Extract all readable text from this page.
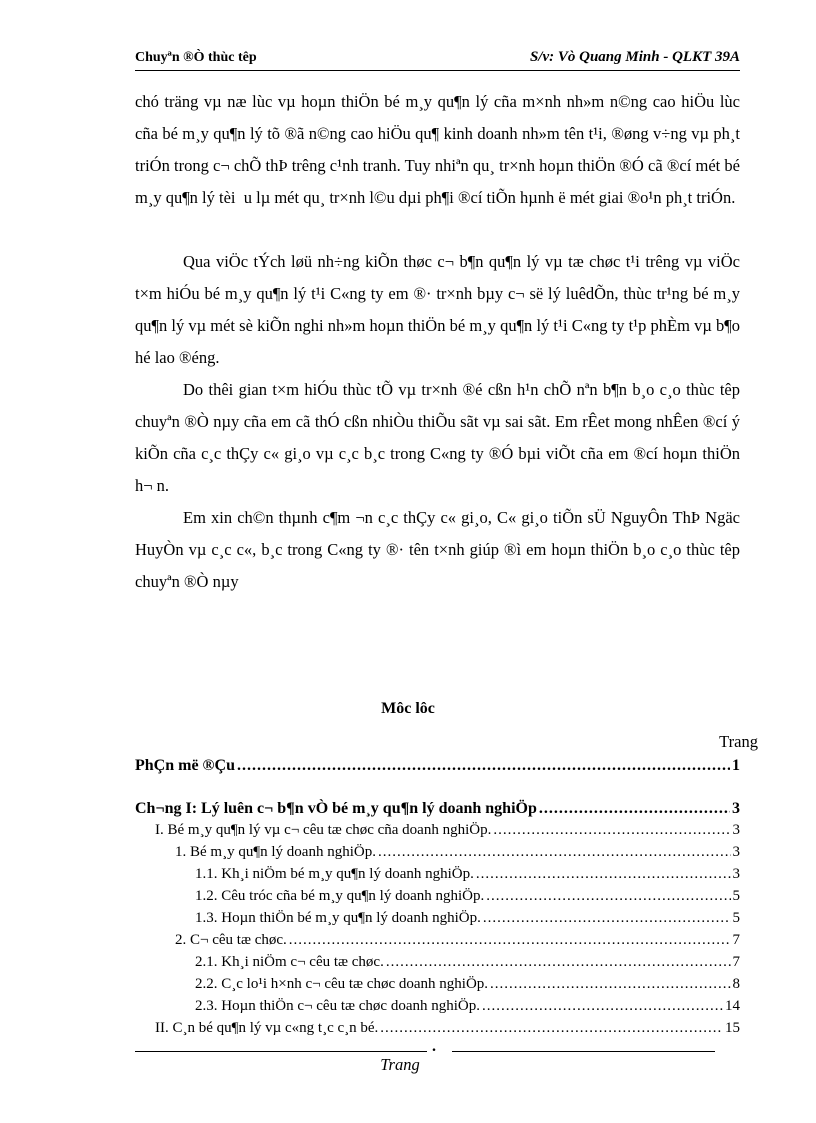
Chuyªn ®Ò thùc têp	S/v: Vò Quang Minh - QLKT 39A

chó träng vµ næ lùc vµ hoµn thiÖn bé m¸y qu¶n lý cña m×nh nh»m n©ng cao hiÖu lùc cña bé m¸y qu¶n lý tõ ®ã n©ng cao hiÖu qu¶ kinh doanh nh»m tên t¹i, ®øng v÷ng vµ ph¸t triÓn trong c¬ chÕ thÞ trêng c¹nh tranh. Tuy nhiªn qu¸ tr×nh hoµn thiÖn ®Ó cã ®cí mét bé m¸y qu¶n lý tèi u lµ mét qu¸ tr×nh l©u dµi ph¶i ®cí tiÕn hµnh ë mét giai ®o¹n ph¸t triÓn.

Qua viÖc tÝch løü nh÷ng kiÕn thøc c¬ b¶n qu¶n lý vµ tæ chøc t¹i trêng vµ viÖc t×m hiÓu bé m¸y qu¶n lý t¹i C«ng ty em ®· tr×nh bµy c¬ së lý luêdÕn, thùc tr¹ng bé m¸y qu¶n lý vµ mét sè kiÕn nghi nh»m hoµn thiÖn bé m¸y qu¶n lý t¹i C«ng ty t¹p phÈm vµ b¶o hé lao ®éng.

Do thêi gian t×m hiÓu thùc tÕ vµ tr×nh ®é cßn h¹n chÕ nªn b¶n b¸o c¸o thùc têp chuyªn ®Ò nµy cña em cã thÓ cßn nhiÒu thiÕu sãt vµ sai sãt. Em rÊet mong nhÊen ®cí ý kiÕn cña c¸c thÇy c« gi¸o vµ c¸c b¸c trong C«ng ty ®Ó bµi viÕt cña em ®cí hoµn thiÖn h¬ n.

Em xin ch©n thµnh c¶m ¬n c¸c thÇy c« gi¸o, C« gi¸o tiÕn sÜ NguyÔn ThÞ Ngäc HuyÒn vµ c¸c c«, b¸c trong C«ng ty ®· tên t×nh giúp ®ì em hoµn thiÖn b¸o c¸o thùc têp chuyªn ®Ò nµy

Môc lôc
Trang
PhÇn më ®Çu .....	1
Ch¬ng I: Lý luên c¬ b¶n vÒ bé m¸y qu¶n lý doanh nghiÖp .....	3
I. Bé m¸y qu¶n lý vµ c¬ cêu tæ chøc cña doanh nghiÖp. .....	3
1. Bé m¸y qu¶n lý doanh nghiÖp. .....	3
1.1. Kh¸i niÖm bé m¸y qu¶n lý doanh nghiÖp. .....	3
1.2. Cêu tróc cña bé m¸y qu¶n lý doanh nghiÖp. .....	5
1.3. Hoµn thiÖn bé m¸y qu¶n lý doanh nghiÖp. .....	5
2. C¬ cêu tæ chøc. .....	7
2.1. Kh¸i niÖm c¬ cêu tæ chøc. .....	7
2.2. C¸c lo¹i h×nh c¬ cêu tæ chøc doanh nghiÖp. .....	8
2.3. Hoµn thiÖn c¬ cêu tæ chøc doanh nghiÖp. .....	14
II. C¸n bé qu¶n lý vµ c«ng t¸c c¸n bé. .....	15
.
Trang
